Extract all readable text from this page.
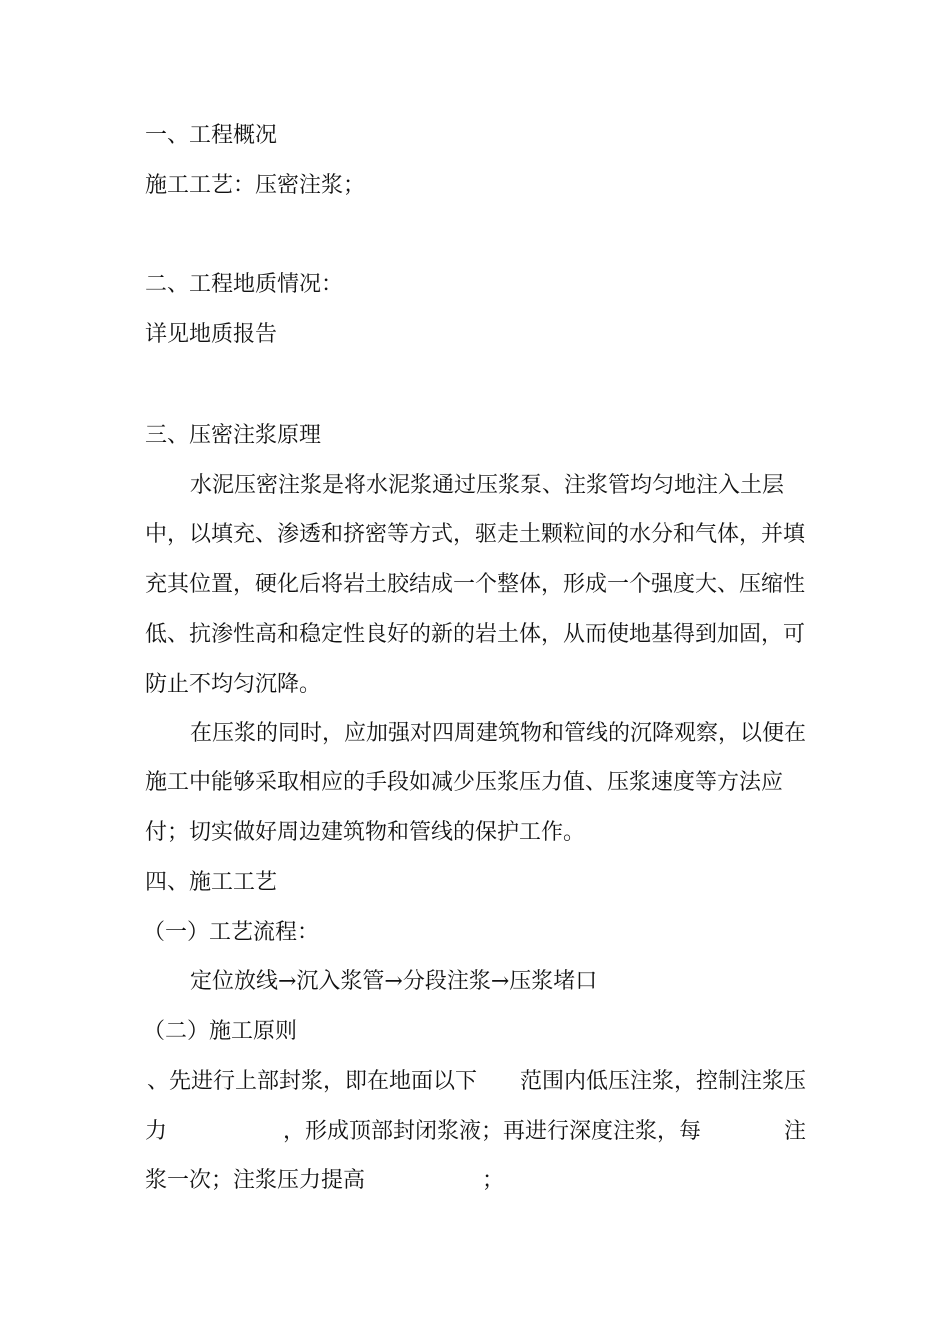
一、工程概况
施工工艺：压密注浆；
二、工程地质情况：
详见地质报告
三、压密注浆原理
水泥压密注浆是将水泥浆通过压浆泵、注浆管均匀地注入土层
中，以填充、渗透和挤密等方式，驱走土颗粒间的水分和气体，并填
充其位置，硬化后将岩土胶结成一个整体，形成一个强度大、压缩性
低、抗渗性高和稳定性良好的新的岩土体，从而使地基得到加固，可
防止不均匀沉降。
在压浆的同时，应加强对四周建筑物和管线的沉降观察，以便在
施工中能够采取相应的手段如减少压浆压力值、压浆速度等方法应
付；切实做好周边建筑物和管线的保护工作。
四、施工工艺
（一）工艺流程：
定位放线→沉入浆管→分段注浆→压浆堵口
（二）施工原则
、先进行上部封浆，即在地面以下 范围内低压注浆，控制注浆压
力	，形成顶部封闭浆液；再进行深度注浆，每	注
浆一次；注浆压力提高	；
